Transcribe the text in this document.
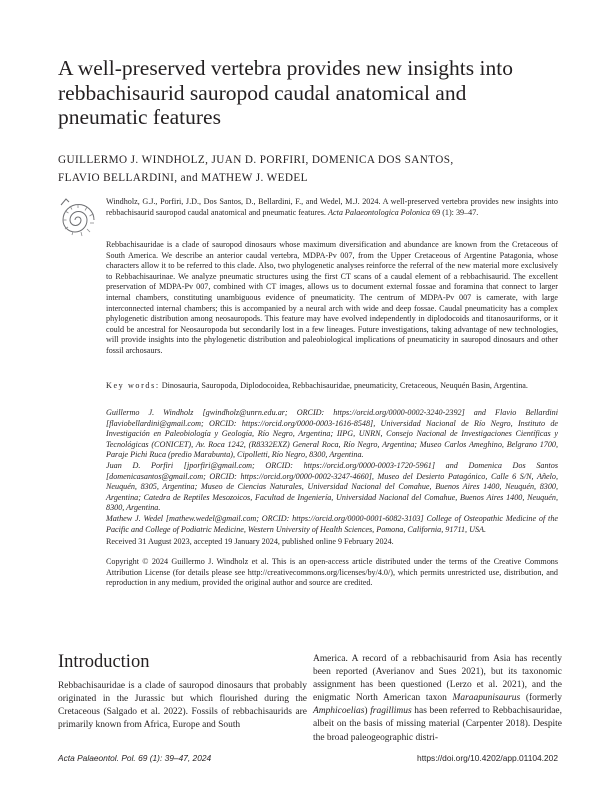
A well-preserved vertebra provides new insights into rebbachisaurid sauropod caudal anatomical and pneumatic features
GUILLERMO J. WINDHOLZ, JUAN D. PORFIRI, DOMENICA DOS SANTOS,
FLAVIO BELLARDINI, and MATHEW J. WEDEL
Windholz, G.J., Porfiri, J.D., Dos Santos, D., Bellardini, F., and Wedel, M.J. 2024. A well-preserved vertebra provides new insights into rebbachisaurid sauropod caudal anatomical and pneumatic features. Acta Palaeontologica Polonica 69 (1): 39–47.

Rebbachisauridae is a clade of sauropod dinosaurs whose maximum diversification and abundance are known from the Cretaceous of South America. We describe an anterior caudal vertebra, MDPA-Pv 007, from the Upper Cretaceous of Argentine Patagonia, whose characters allow it to be referred to this clade. Also, two phylogenetic analyses reinforce the referral of the new material more exclusively to Rebbachisaurinae. We analyze pneumatic structures using the first CT scans of a caudal element of a rebbachisaurid. The excellent preservation of MDPA-Pv 007, combined with CT images, allows us to document external fossae and foramina that connect to larger internal chambers, constituting unambiguous evidence of pneumaticity. The centrum of MDPA-Pv 007 is camerate, with large interconnected internal chambers; this is accompanied by a neural arch with wide and deep fossae. Caudal pneumaticity has a complex phylogenetic distribution among neosauropods. This feature may have evolved independently in diplodocoids and titanosauriforms, or it could be ancestral for Neosauropoda but secondarily lost in a few lineages. Future investigations, taking advantage of new technologies, will provide insights into the phylogenetic distribution and paleobiological implications of pneumaticity in sauropod dinosaurs and other fossil archosaurs.

Key words: Dinosauria, Sauropoda, Diplodocoidea, Rebbachisauridae, pneumaticity, Cretaceous, Neuquén Basin, Argentina.

Guillermo J. Windholz [gwindholz@unrn.edu.ar; ORCID: https://orcid.org/0000-0002-3240-2392] and Flavio Bellardini [flaviobellardini@gmail.com; ORCID: https://orcid.org/0000-0003-1616-8548], Universidad Nacional de Río Negro, Instituto de Investigación en Paleobiología y Geología, Río Negro, Argentina; IIPG, UNRN, Consejo Nacional de Investigaciones Científicas y Tecnológicas (CONICET), Av. Roca 1242, (R8332EXZ) General Roca, Río Negro, Argentina; Museo Carlos Ameghino, Belgrano 1700, Paraje Pichi Ruca (predio Marabunta), Cipolletti, Río Negro, 8300, Argentina.

Juan D. Porfiri [jporfiri@gmail.com; ORCID: https://orcid.org/0000-0003-1720-5961] and Domenica Dos Santos [domenicasantos@gmail.com; ORCID: https://orcid.org/0000-0002-3247-4660], Museo del Desierto Patagónico, Calle 6 S/N, Añelo, Neuquén, 8305, Argentina; Museo de Ciencias Naturales, Universidad Nacional del Comahue, Buenos Aires 1400, Neuquén, 8300, Argentina; Catedra de Reptiles Mesozoicos, Facultad de Ingeniería, Universidad Nacional del Comahue, Buenos Aires 1400, Neuquén, 8300, Argentina.

Mathew J. Wedel [mathew.wedel@gmail.com; ORCID: https://orcid.org/0000-0001-6082-3103] College of Osteopathic Medicine of the Pacific and College of Podiatric Medicine, Western University of Health Sciences, Pomona, California, 91711, USA.

Received 31 August 2023, accepted 19 January 2024, published online 9 February 2024.

Copyright © 2024 Guillermo J. Windholz et al. This is an open-access article distributed under the terms of the Creative Commons Attribution License (for details please see http://creativecommons.org/licenses/by/4.0/), which permits unrestricted use, distribution, and reproduction in any medium, provided the original author and source are credited.

Introduction

Rebbachisauridae is a clade of sauropod dinosaurs that probably originated in the Jurassic but which flourished during the Cretaceous (Salgado et al. 2022). Fossils of rebbachisaurids are primarily known from Africa, Europe and South

America. A record of a rebbachisaurid from Asia has recently been reported (Averianov and Sues 2021), but its taxonomic assignment has been questioned (Lerzo et al. 2021), and the enigmatic North American taxon Maraapunisaurus (formerly Amphicoelias) fragillimus has been referred to Rebbachisauridae, albeit on the basis of missing material (Carpenter 2018). Despite the broad paleogeographic distri-

Acta Palaeontol. Pol. 69 (1): 39–47, 2024	https://doi.org/10.4202/app.01104.202
